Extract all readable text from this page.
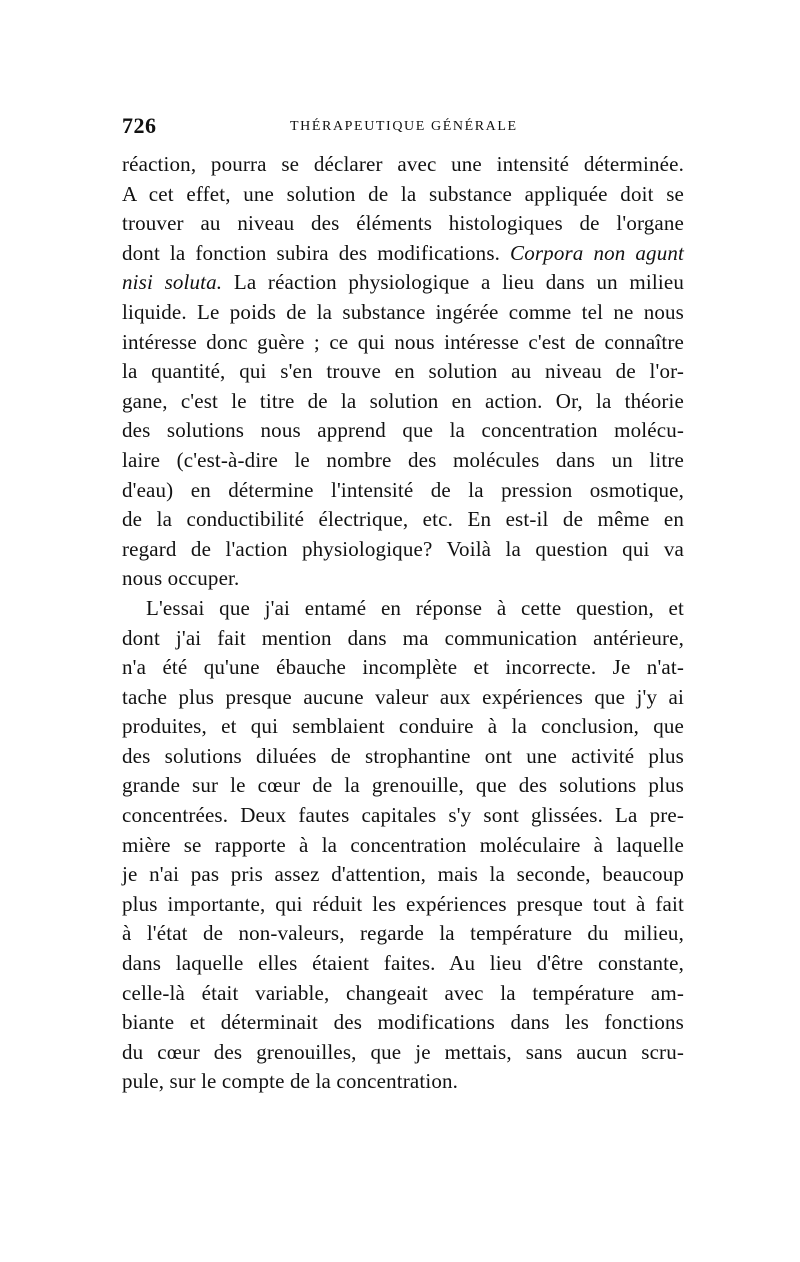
726	THÉRAPEUTIQUE GÉNÉRALE
réaction, pourra se déclarer avec une intensité déterminée.
A cet effet, une solution de la substance appliquée doit se
trouver au niveau des éléments histologiques de l'organe
dont la fonction subira des modifications. Corpora non agunt
nisi soluta. La réaction physiologique a lieu dans un milieu
liquide. Le poids de la substance ingérée comme tel ne nous
intéresse donc guère ; ce qui nous intéresse c'est de connaître
la quantité, qui s'en trouve en solution au niveau de l'or-
gane, c'est le titre de la solution en action. Or, la théorie
des solutions nous apprend que la concentration molécu-
laire (c'est-à-dire le nombre des molécules dans un litre
d'eau) en détermine l'intensité de la pression osmotique,
de la conductibilité électrique, etc. En est-il de même en
regard de l'action physiologique? Voilà la question qui va
nous occuper.
L'essai que j'ai entamé en réponse à cette question, et
dont j'ai fait mention dans ma communication antérieure,
n'a été qu'une ébauche incomplète et incorrecte. Je n'at-
tache plus presque aucune valeur aux expériences que j'y ai
produites, et qui semblaient conduire à la conclusion, que
des solutions diluées de strophantine ont une activité plus
grande sur le cœur de la grenouille, que des solutions plus
concentrées. Deux fautes capitales s'y sont glissées. La pre-
mière se rapporte à la concentration moléculaire à laquelle
je n'ai pas pris assez d'attention, mais la seconde, beaucoup
plus importante, qui réduit les expériences presque tout à fait
à l'état de non-valeurs, regarde la température du milieu,
dans laquelle elles étaient faites. Au lieu d'être constante,
celle-là était variable, changeait avec la température am-
biante et déterminait des modifications dans les fonctions
du cœur des grenouilles, que je mettais, sans aucun scru-
pule, sur le compte de la concentration.
